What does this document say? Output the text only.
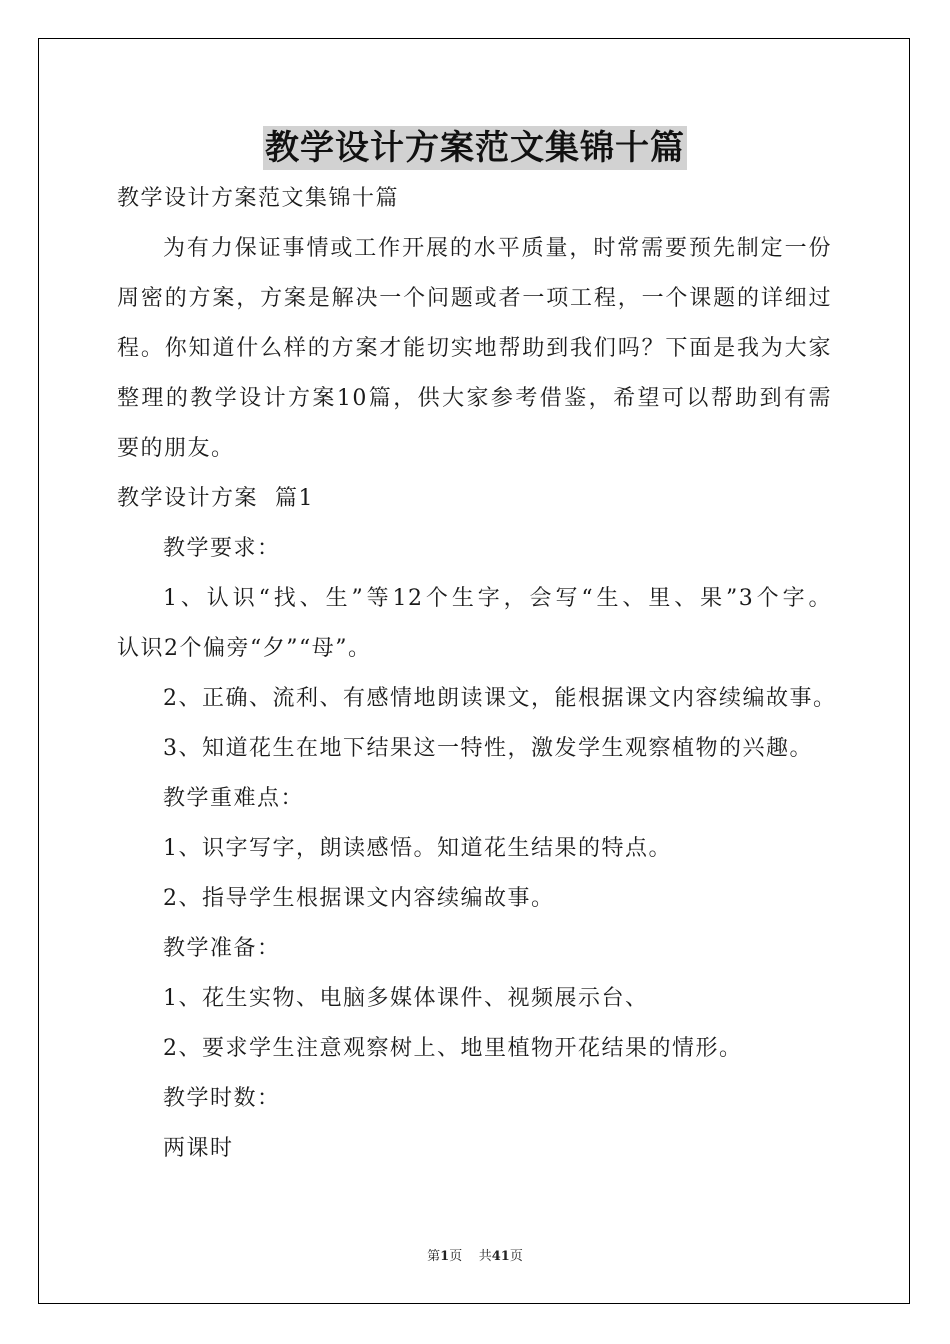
教学设计方案范文集锦十篇
教学设计方案范文集锦十篇
为有力保证事情或工作开展的水平质量，时常需要预先制定一份
周密的方案，方案是解决一个问题或者一项工程，一个课题的详细过
程。你知道什么样的方案才能切实地帮助到我们吗？下面是我为大家
整理的教学设计方案10篇，供大家参考借鉴，希望可以帮助到有需
要的朋友。
教学设计方案  篇1
教学要求：
1、认识“找、生”等12个生字，会写“生、里、果”3个字。
认识2个偏旁“夕”“母”。
2、正确、流利、有感情地朗读课文，能根据课文内容续编故事。
3、知道花生在地下结果这一特性，激发学生观察植物的兴趣。
教学重难点：
1、识字写字，朗读感悟。知道花生结果的特点。
2、指导学生根据课文内容续编故事。
教学准备：
1、花生实物、电脑多媒体课件、视频展示台、
2、要求学生注意观察树上、地里植物开花结果的情形。
教学时数：
两课时
第1页 共41页
